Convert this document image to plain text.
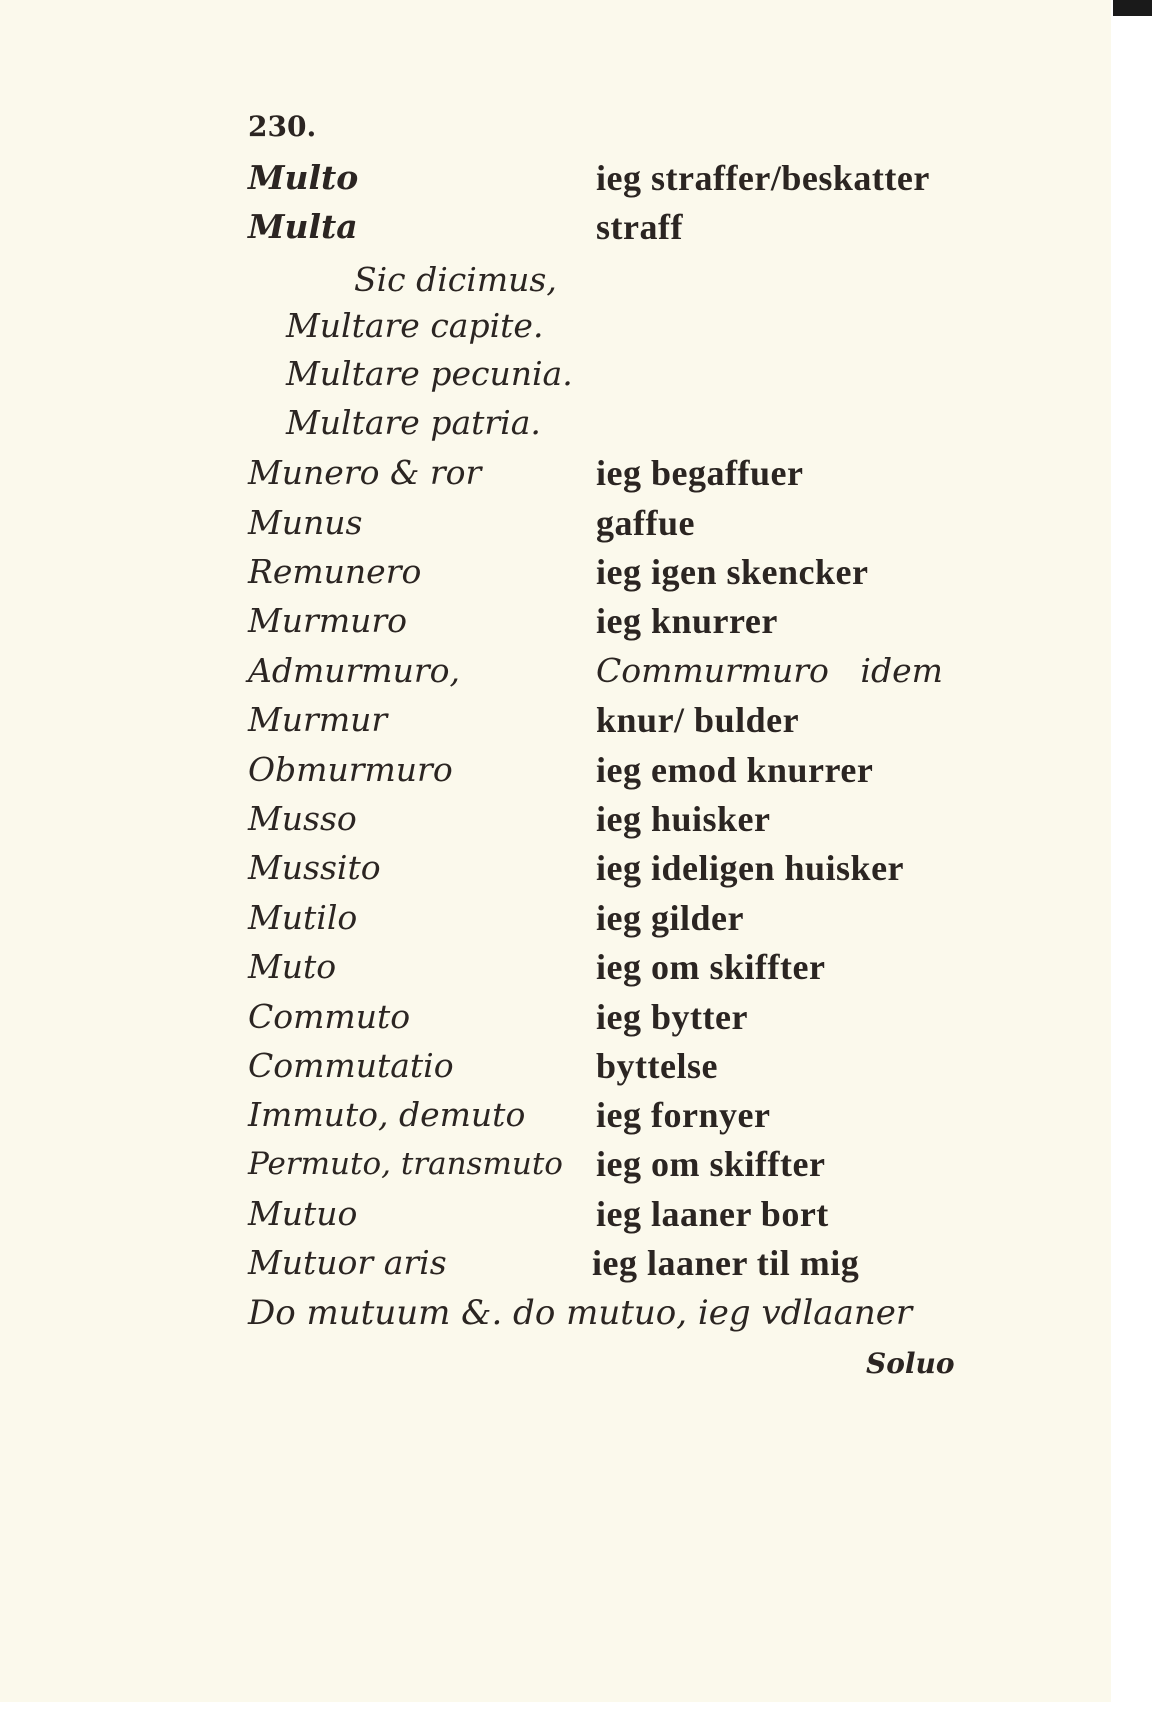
230.
Multo	ieg straffer/beskatter
Multa	straff
Sic dicimus,
Multare capite.
Multare pecunia.
Multare patria.
Munero & ror	ieg begaffuer
Munus	gaffue
Remunero	ieg igen skencker
Murmuro	ieg knurrer
Admurmuro,	Commurmuro   idem
Murmur	knur/ bulder
Obmurmuro	ieg emod knurrer
Musso	ieg huisker
Mussito	ieg ideligen huisker
Mutilo	ieg gilder
Muto	ieg om skiffter
Commuto	ieg bytter
Commutatio	byttelse
Immuto, demuto ieg fornyer
Permuto, transmuto ieg om skiffter
Mutuo	ieg laaner bort
Mutuor aris	ieg laaner til mig
Do mutuum &. do mutuo, ieg vdlaaner
Soluo
